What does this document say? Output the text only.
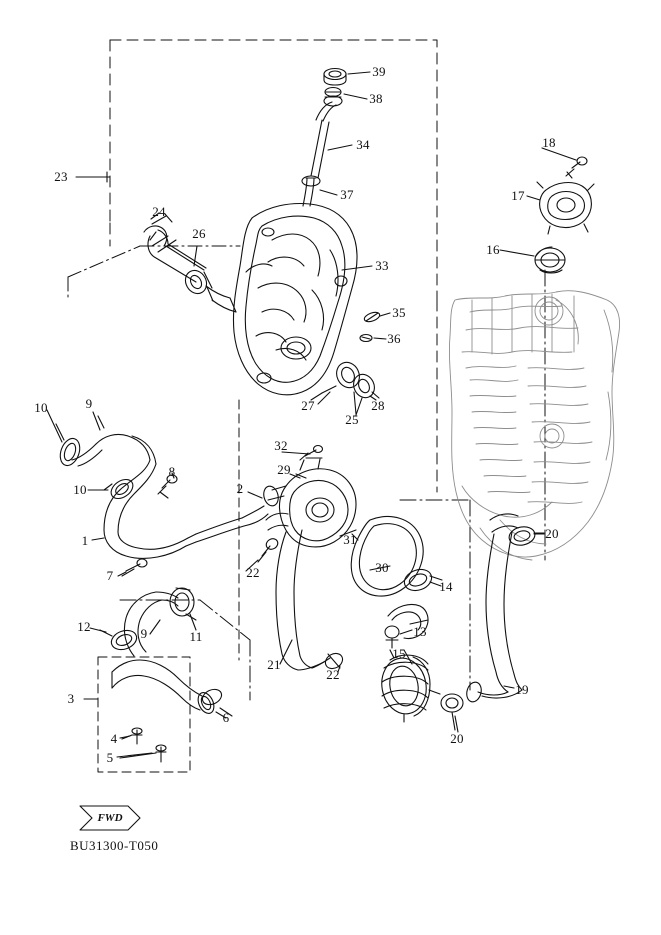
39
38
34	18
17
37
23
16
24
26
33
35
36
27
25
28
10	9
10
8
32
29
2
1	31
30
20
7	22
14
12	9	11	13
15
21
22
19
3
6
20
4
5
FWD
BU31300-T050
